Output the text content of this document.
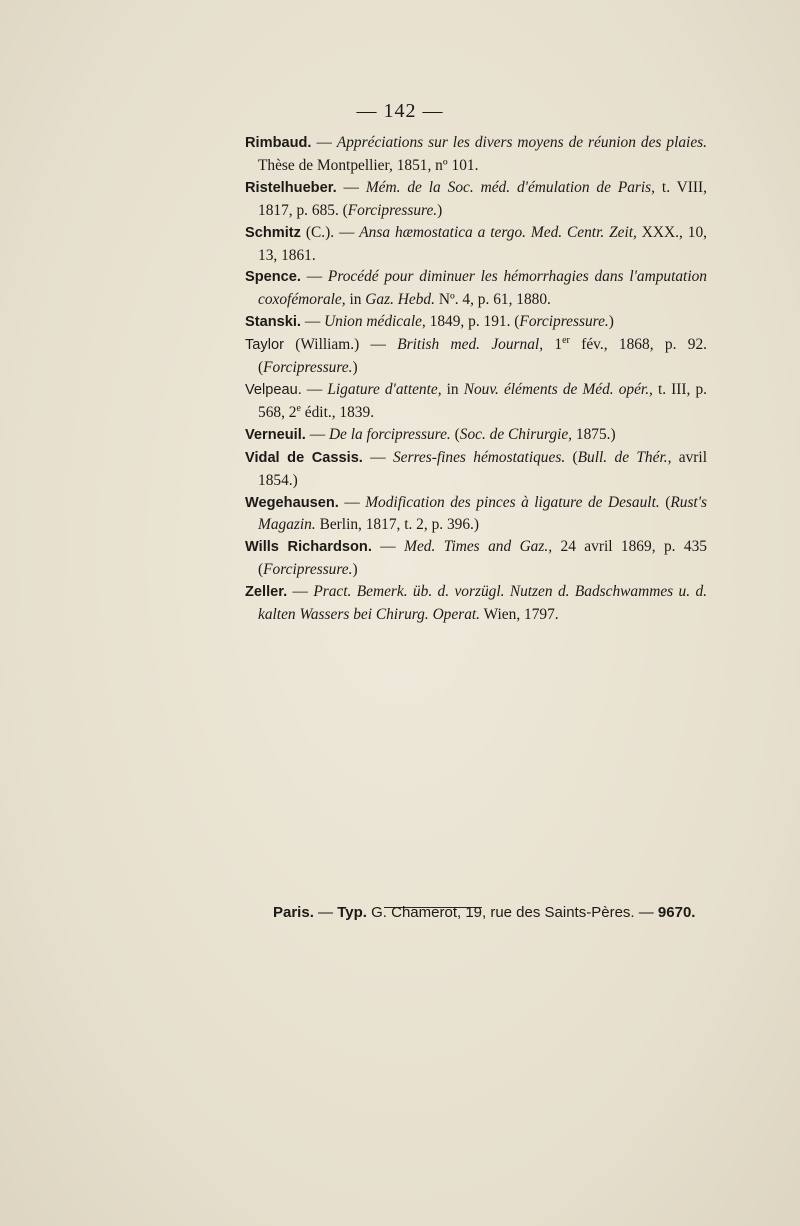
— 142 —

Rimbaud. — Appréciations sur les divers moyens de réunion des plaies. Thèse de Montpellier, 1851, nº 101.

Ristelhueber. — Mém. de la Soc. méd. d'émulation de Paris, t. VIII, 1817, p. 685. (Forcipressure.)

Schmitz (C.). — Ansa hæmostatica a tergo. Med. Centr. Zeit, XXX., 10, 13, 1861.

Spence. — Procédé pour diminuer les hémorrhagies dans l'amputation coxofémorale, in Gaz. Hebd. Nº. 4, p. 61, 1880.

Stanski. — Union médicale, 1849, p. 191. (Forcipressure.)

Taylor (William.) — British med. Journal, 1er fév., 1868, p. 92. (Forcipressure.)

Velpeau. — Ligature d'attente, in Nouv. éléments de Méd. opér., t. III, p. 568, 2e édit., 1839.

Verneuil. — De la forcipressure. (Soc. de Chirurgie, 1875.)

Vidal de Cassis. — Serres-fines hémostatiques. (Bull. de Thér., avril 1854.)

Wegehausen. — Modification des pinces à ligature de Desault. (Rust's Magazin. Berlin, 1817, t. 2, p. 396.)

Wills Richardson. — Med. Times and Gaz., 24 avril 1869, p. 435 (Forcipressure.)

Zeller. — Pract. Bemerk. üb. d. vorzügl. Nutzen d. Badschwammes u. d. kalten Wassers bei Chirurg. Operat. Wien, 1797.

Paris. — Typ. G. Chamerot, 19, rue des Saints-Pères. — 9670.
